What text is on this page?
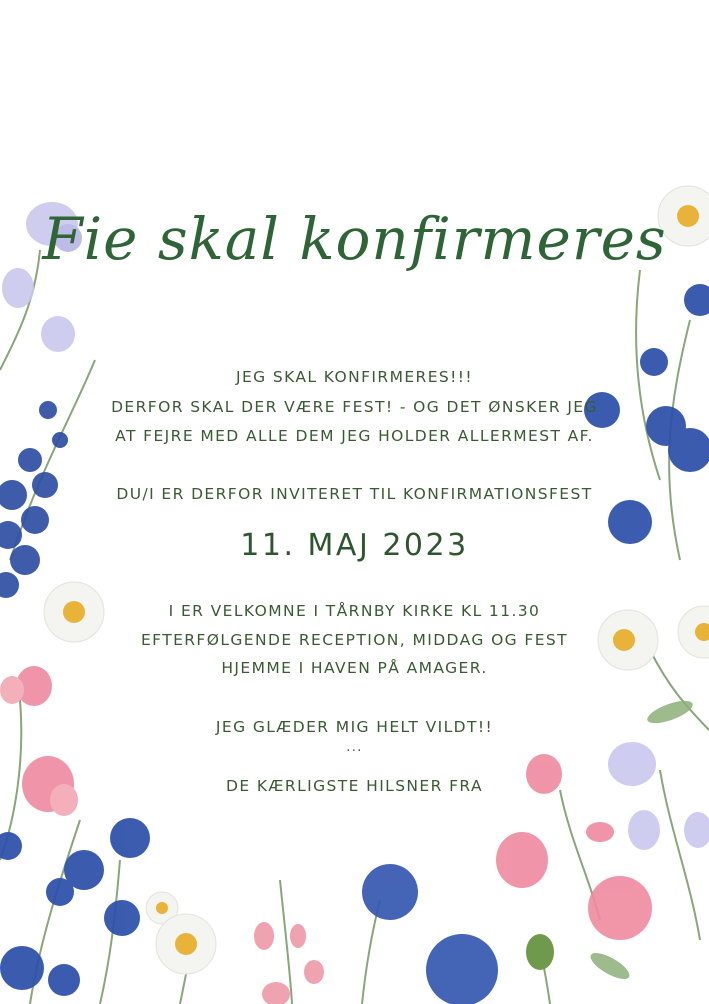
Fie skal konfirmeres
JEG SKAL KONFIRMERES!!!
DERFOR SKAL DER VÆRE FEST! - OG DET ØNSKER JEG
AT FEJRE MED ALLE DEM JEG HOLDER ALLERMEST AF.
DU/I ER DERFOR INVITERET TIL KONFIRMATIONSFEST
11. MAJ 2023
I ER VELKOMNE I TÅRNBY KIRKE KL 11.30
EFTERFØLGENDE RECEPTION, MIDDAG OG FEST
HJEMME I HAVEN PÅ AMAGER.
JEG GLÆDER MIG HELT VILDT!!
...
DE KÆRLIGSTE HILSNER FRA
